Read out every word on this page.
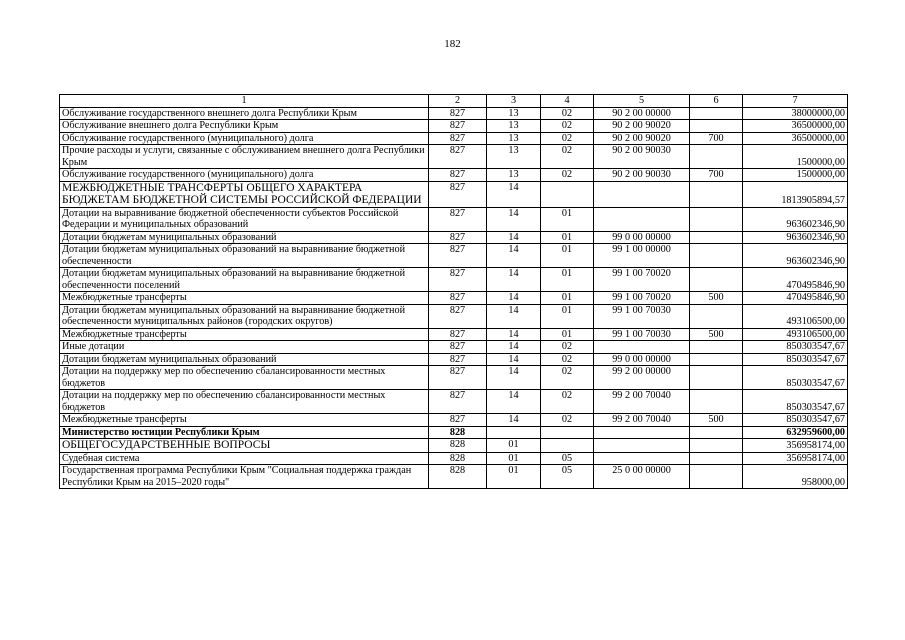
182
1	2	3	4	5	6	7
Обслуживание государственного внешнего долга Республики Крым	827	13	02	90 2 00 00000		38000000,00
Обслуживание внешнего долга Республики Крым	827	13	02	90 2 00 90020		36500000,00
Обслуживание государственного (муниципального) долга	827	13	02	90 2 00 90020	700	36500000,00
Прочие расходы и услуги, связанные с обслуживанием внешнего долга Республики Крым	827	13	02	90 2 00 90030		1500000,00
Обслуживание государственного (муниципального) долга	827	13	02	90 2 00 90030	700	1500000,00
МЕЖБЮДЖЕТНЫЕ ТРАНСФЕРТЫ ОБЩЕГО ХАРАКТЕРА БЮДЖЕТАМ БЮДЖЕТНОЙ СИСТЕМЫ РОССИЙСКОЙ ФЕДЕРАЦИИ	827	14				1813905894,57
Дотации на выравнивание бюджетной обеспеченности субъектов Российской Федерации и муниципальных образований	827	14	01			963602346,90
Дотации бюджетам муниципальных образований	827	14	01	99 0 00 00000		963602346,90
Дотации бюджетам муниципальных образований на выравнивание бюджетной обеспеченности	827	14	01	99 1 00 00000		963602346,90
Дотации бюджетам муниципальных образований на выравнивание бюджетной обеспеченности поселений	827	14	01	99 1 00 70020		470495846,90
Межбюджетные трансферты	827	14	01	99 1 00 70020	500	470495846,90
Дотации бюджетам муниципальных образований на выравнивание бюджетной обеспеченности муниципальных районов (городских округов)	827	14	01	99 1 00 70030		493106500,00
Межбюджетные трансферты	827	14	01	99 1 00 70030	500	493106500,00
Иные дотации	827	14	02			850303547,67
Дотации бюджетам муниципальных образований	827	14	02	99 0 00 00000		850303547,67
Дотации на поддержку мер по обеспечению сбалансированности местных бюджетов	827	14	02	99 2 00 00000		850303547,67
Дотации на поддержку мер по обеспечению сбалансированности местных бюджетов	827	14	02	99 2 00 70040		850303547,67
Межбюджетные трансферты	827	14	02	99 2 00 70040	500	850303547,67
Министерство юстиции Республики Крым	828					632959600,00
ОБЩЕГОСУДАРСТВЕННЫЕ ВОПРОСЫ	828	01				356958174,00
Судебная система	828	01	05			356958174,00
Государственная программа Республики Крым "Социальная поддержка граждан Республики Крым на 2015–2020 годы"	828	01	05	25 0 00 00000		958000,00
